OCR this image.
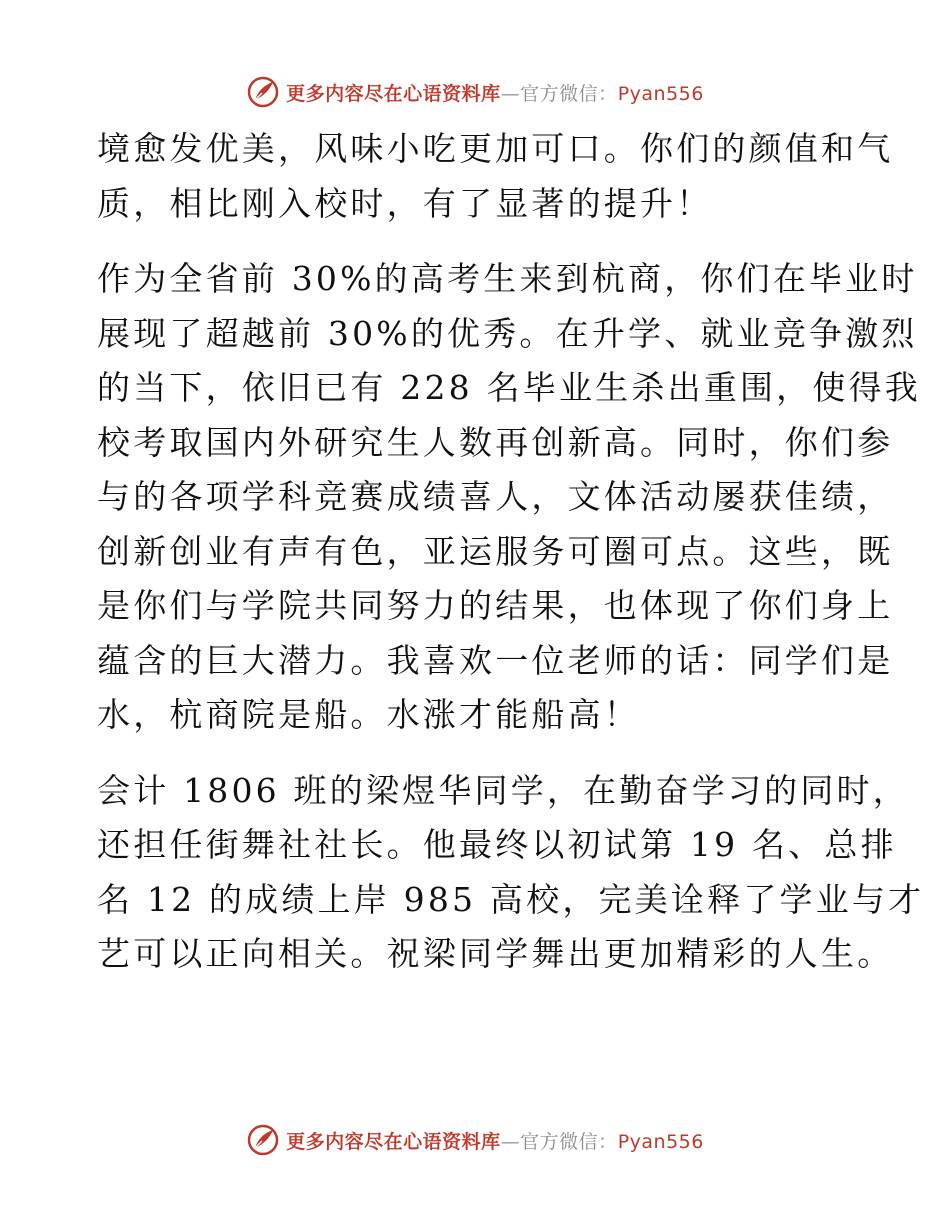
更多内容尽在心语资料库—官方微信：Pyan556

境愈发优美，风味小吃更加可口。你们的颜值和气
质，相比刚入校时，有了显著的提升！

作为全省前 30%的高考生来到杭商，你们在毕业时
展现了超越前 30%的优秀。在升学、就业竞争激烈
的当下，依旧已有 228 名毕业生杀出重围，使得我
校考取国内外研究生人数再创新高。同时，你们参
与的各项学科竞赛成绩喜人，文体活动屡获佳绩，
创新创业有声有色，亚运服务可圈可点。这些，既
是你们与学院共同努力的结果，也体现了你们身上
蕴含的巨大潜力。我喜欢一位老师的话：同学们是
水，杭商院是船。水涨才能船高！

会计 1806 班的梁煜华同学，在勤奋学习的同时，
还担任街舞社社长。他最终以初试第 19 名、总排
名 12 的成绩上岸 985 高校，完美诠释了学业与才
艺可以正向相关。祝梁同学舞出更加精彩的人生。

更多内容尽在心语资料库—官方微信：Pyan556
